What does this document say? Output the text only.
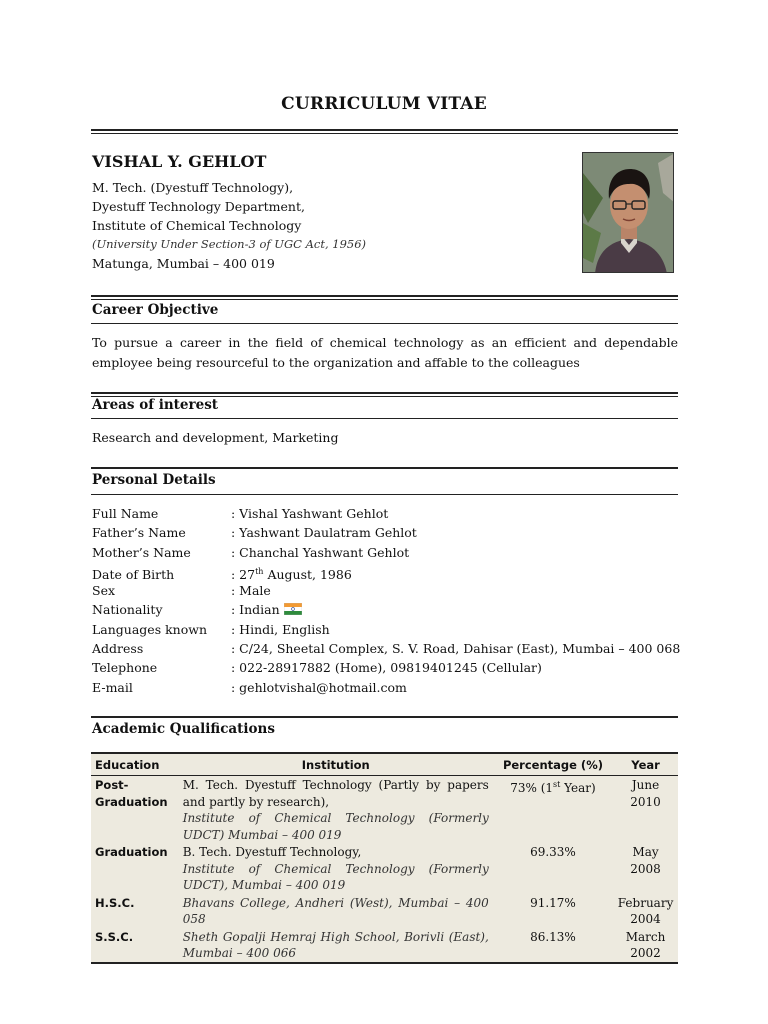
CURRICULUM VITAE
VISHAL Y. GEHLOT
M. Tech. (Dyestuff Technology),
Dyestuff Technology Department,
Institute of Chemical Technology
(University Under Section-3 of UGC Act, 1956)
Matunga, Mumbai – 400 019
Career Objective
To pursue a career in the field of chemical technology as an efficient and dependable employee being resourceful to the organization and affable to the colleagues
Areas of interest
Research and development, Marketing
Personal Details
Full Name	: Vishal Yashwant Gehlot
Father’s Name	: Yashwant Daulatram Gehlot
Mother’s Name	: Chanchal Yashwant Gehlot
Date of Birth	: 27th August, 1986
Sex	: Male
Nationality	: Indian
Languages known : Hindi, English
Address	: C/24, Sheetal Complex, S. V. Road, Dahisar (East), Mumbai – 400 068
Telephone	: 022-28917882 (Home), 09819401245 (Cellular)
E-mail	: gehlotvishal@hotmail.com
Academic Qualifications
Education	Institution	Percentage (%)	Year
Post-Graduation	M. Tech. Dyestuff Technology (Partly by papers and partly by research),
Institute of Chemical Technology (Formerly UDCT) Mumbai – 400 019	73% (1st Year)	June 2010
Graduation	B. Tech. Dyestuff Technology,
Institute of Chemical Technology (Formerly UDCT), Mumbai – 400 019	69.33%	May 2008
H.S.C.	Bhavans College, Andheri (West), Mumbai – 400 058	91.17%	February 2004
S.S.C.	Sheth Gopalji Hemraj High School, Borivli (East), Mumbai – 400 066	86.13%	March 2002
